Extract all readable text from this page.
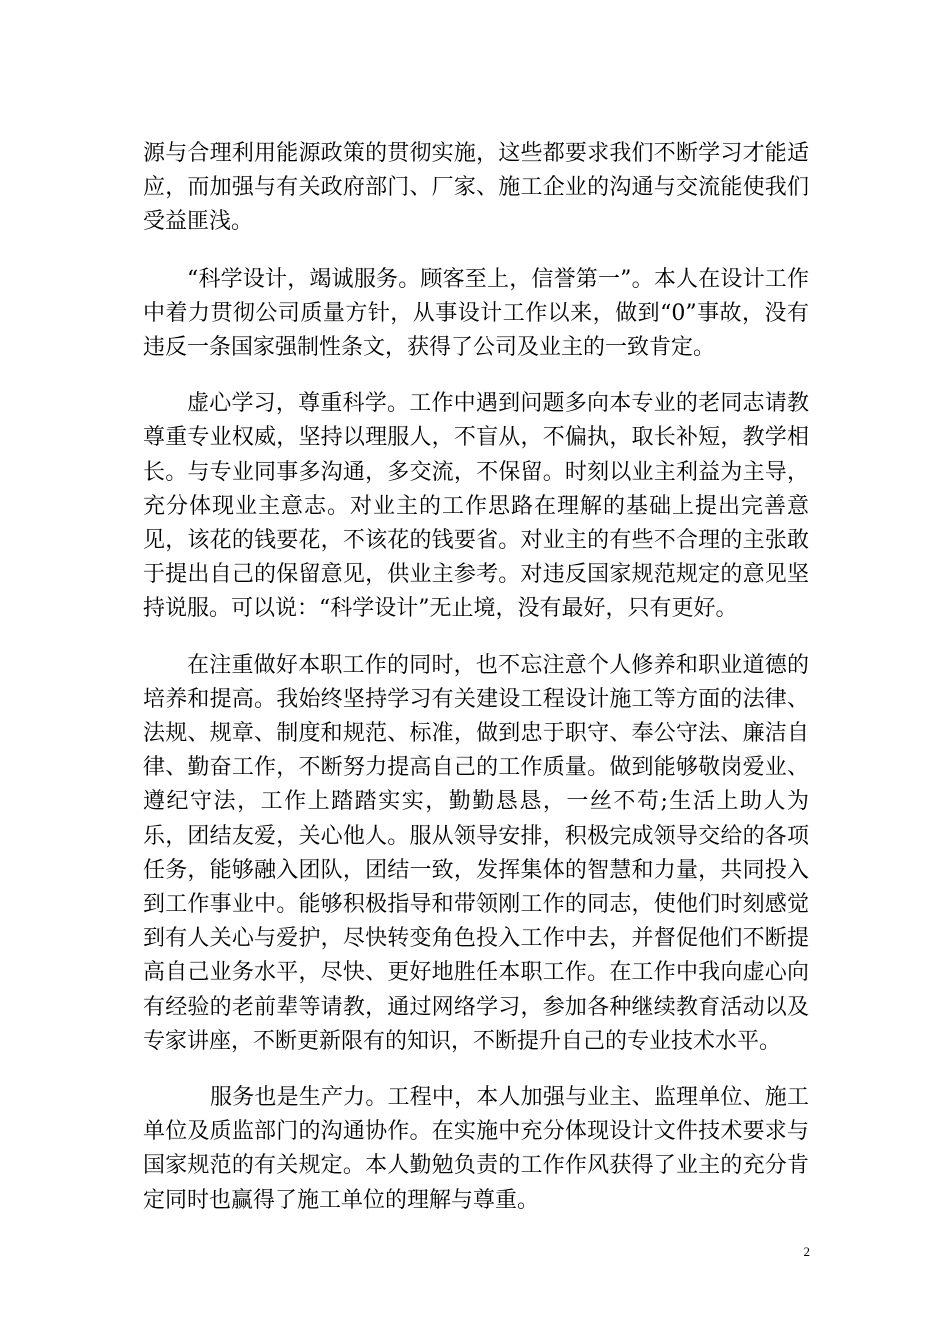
源与合理利用能源政策的贯彻实施，这些都要求我们不断学习才能适应，而加强与有关政府部门、厂家、施工企业的沟通与交流能使我们受益匪浅。

“科学设计，竭诚服务。顾客至上，信誉第一”。本人在设计工作中着力贯彻公司质量方针，从事设计工作以来，做到“0”事故，没有违反一条国家强制性条文，获得了公司及业主的一致肯定。

虚心学习，尊重科学。工作中遇到问题多向本专业的老同志请教尊重专业权威，坚持以理服人，不盲从，不偏执，取长补短，教学相长。与专业同事多沟通，多交流，不保留。时刻以业主利益为主导，充分体现业主意志。对业主的工作思路在理解的基础上提出完善意见，该花的钱要花，不该花的钱要省。对业主的有些不合理的主张敢于提出自己的保留意见，供业主参考。对违反国家规范规定的意见坚持说服。可以说：“科学设计”无止境，没有最好，只有更好。

在注重做好本职工作的同时，也不忘注意个人修养和职业道德的培养和提高。我始终坚持学习有关建设工程设计施工等方面的法律、法规、规章、制度和规范、标准，做到忠于职守、奉公守法、廉洁自律、勤奋工作，不断努力提高自己的工作质量。做到能够敬岗爱业、遵纪守法，工作上踏踏实实，勤勤恳恳，一丝不苟;生活上助人为乐，团结友爱，关心他人。服从领导安排，积极完成领导交给的各项任务，能够融入团队，团结一致，发挥集体的智慧和力量，共同投入到工作事业中。能够积极指导和带领刚工作的同志，使他们时刻感觉到有人关心与爱护，尽快转变角色投入工作中去，并督促他们不断提高自己业务水平，尽快、更好地胜任本职工作。在工作中我向虚心向有经验的老前辈等请教，通过网络学习，参加各种继续教育活动以及专家讲座，不断更新限有的知识，不断提升自己的专业技术水平。

服务也是生产力。工程中，本人加强与业主、监理单位、施工单位及质监部门的沟通协作。在实施中充分体现设计文件技术要求与国家规范的有关规定。本人勤勉负责的工作作风获得了业主的充分肯定同时也赢得了施工单位的理解与尊重。

2
